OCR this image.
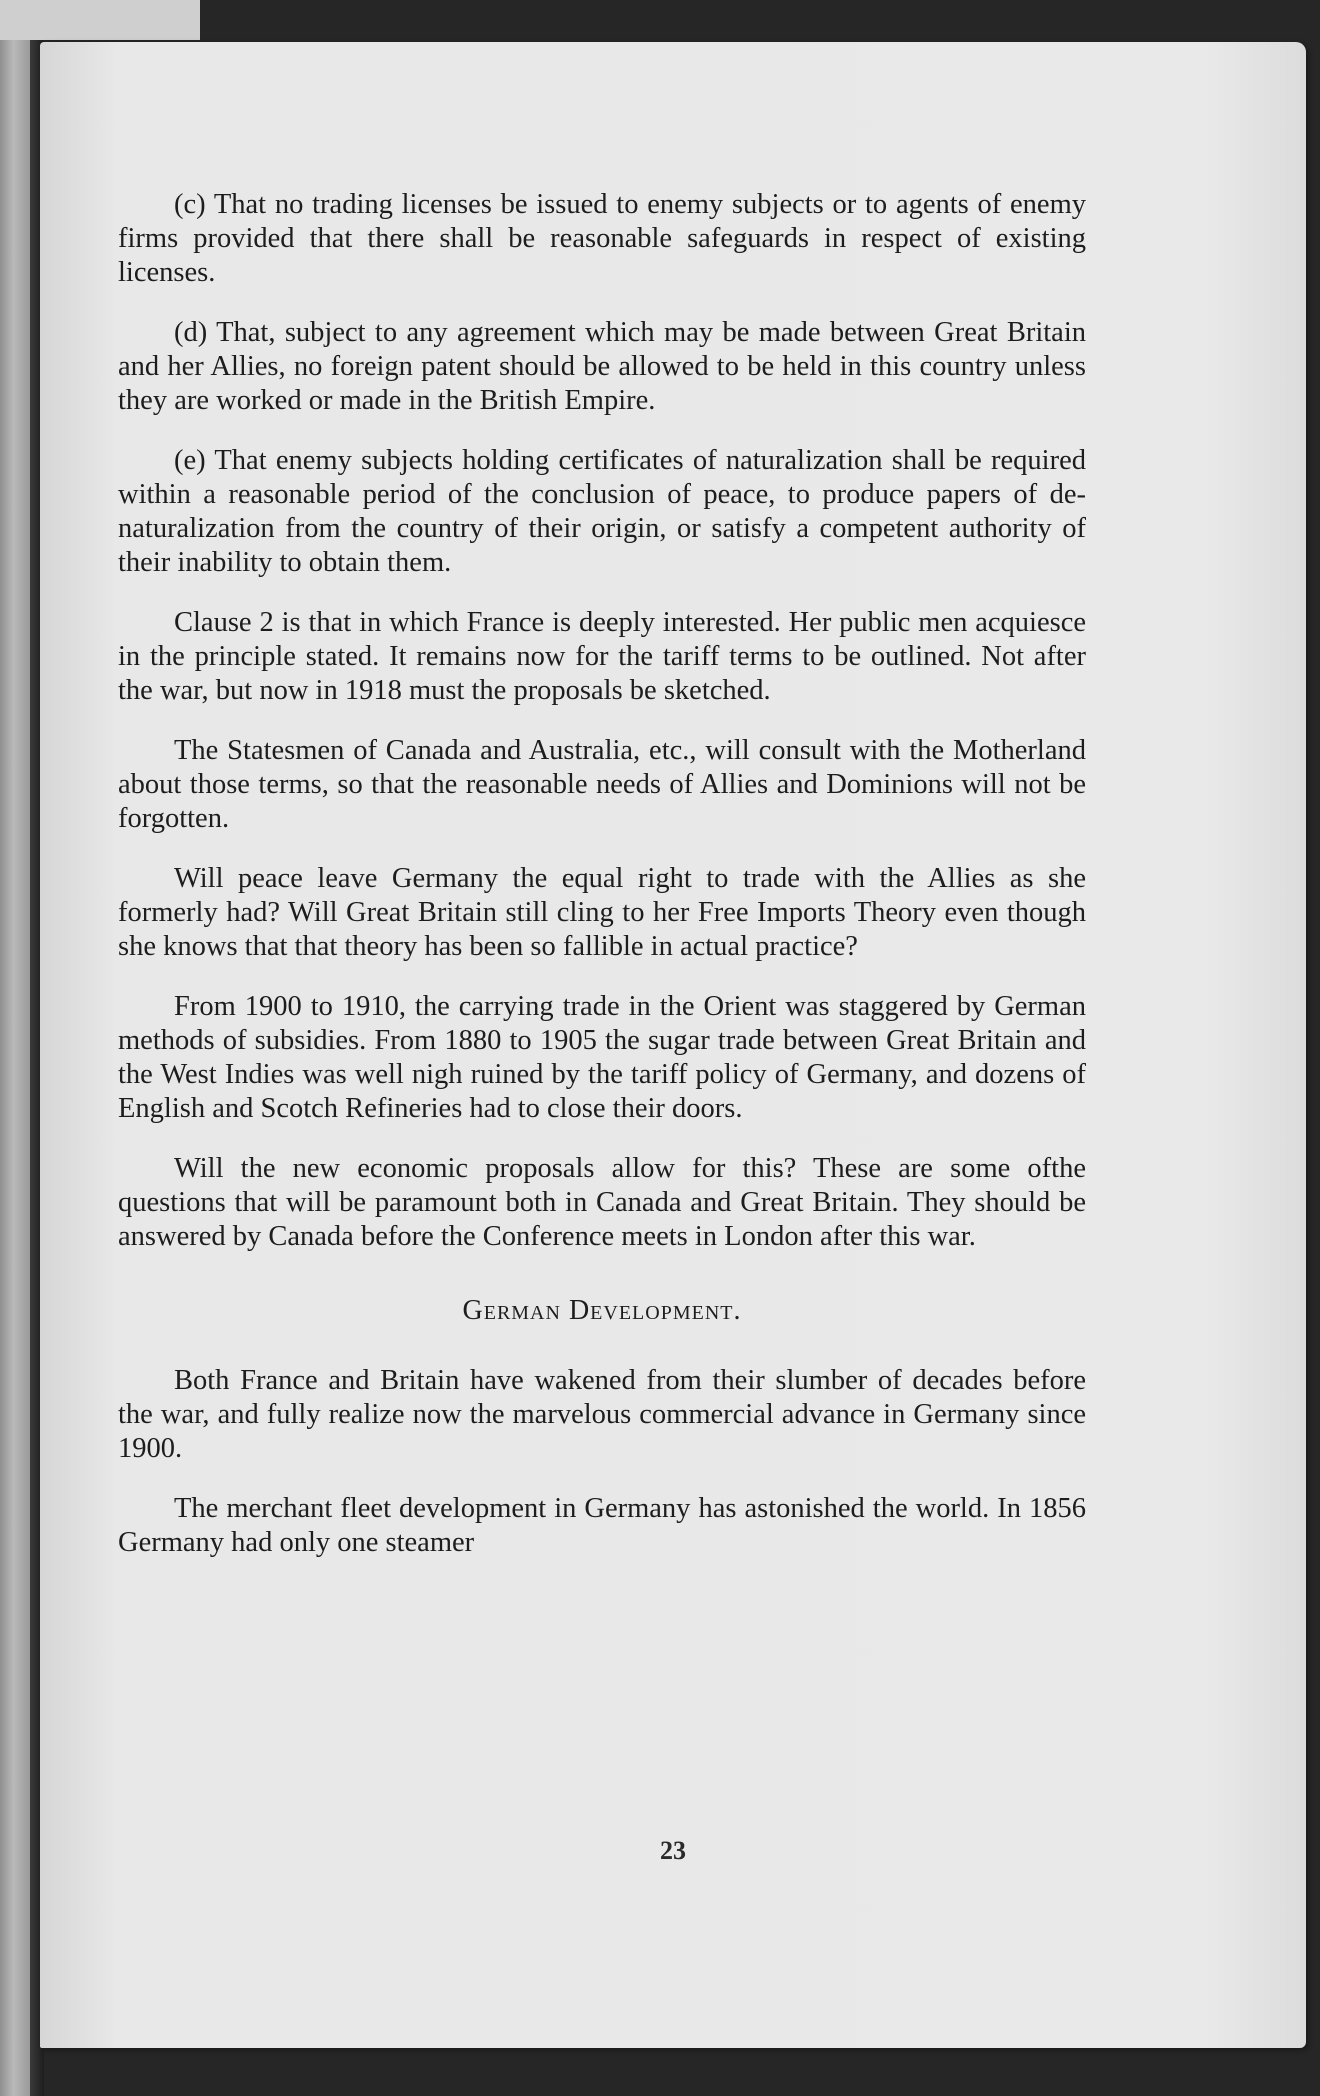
(c) That no trading licenses be issued to enemy subjects or to agents of enemy firms provided that there shall be reasonable safeguards in respect of existing licenses.

(d) That, subject to any agreement which may be made between Great Britain and her Allies, no foreign patent should be allowed to be held in this country unless they are worked or made in the British Empire.

(e) That enemy subjects holding certificates of naturalization shall be required within a reasonable period of the conclusion of peace, to produce papers of de-naturalization from the country of their origin, or satisfy a competent authority of their inability to obtain them.

Clause 2 is that in which France is deeply interested. Her public men acquiesce in the principle stated. It remains now for the tariff terms to be outlined. Not after the war, but now in 1918 must the proposals be sketched.

The Statesmen of Canada and Australia, etc., will consult with the Motherland about those terms, so that the reasonable needs of Allies and Dominions will not be forgotten.

Will peace leave Germany the equal right to trade with the Allies as she formerly had? Will Great Britain still cling to her Free Imports Theory even though she knows that that theory has been so fallible in actual practice?

From 1900 to 1910, the carrying trade in the Orient was staggered by German methods of subsidies. From 1880 to 1905 the sugar trade between Great Britain and the West Indies was well nigh ruined by the tariff policy of Germany, and dozens of English and Scotch Refineries had to close their doors.

Will the new economic proposals allow for this? These are some ofthe questions that will be paramount both in Canada and Great Britain. They should be answered by Canada before the Conference meets in London after this war.

German Development.

Both France and Britain have wakened from their slumber of decades before the war, and fully realize now the marvelous commercial advance in Germany since 1900.

The merchant fleet development in Germany has astonished the world. In 1856 Germany had only one steamer

23
